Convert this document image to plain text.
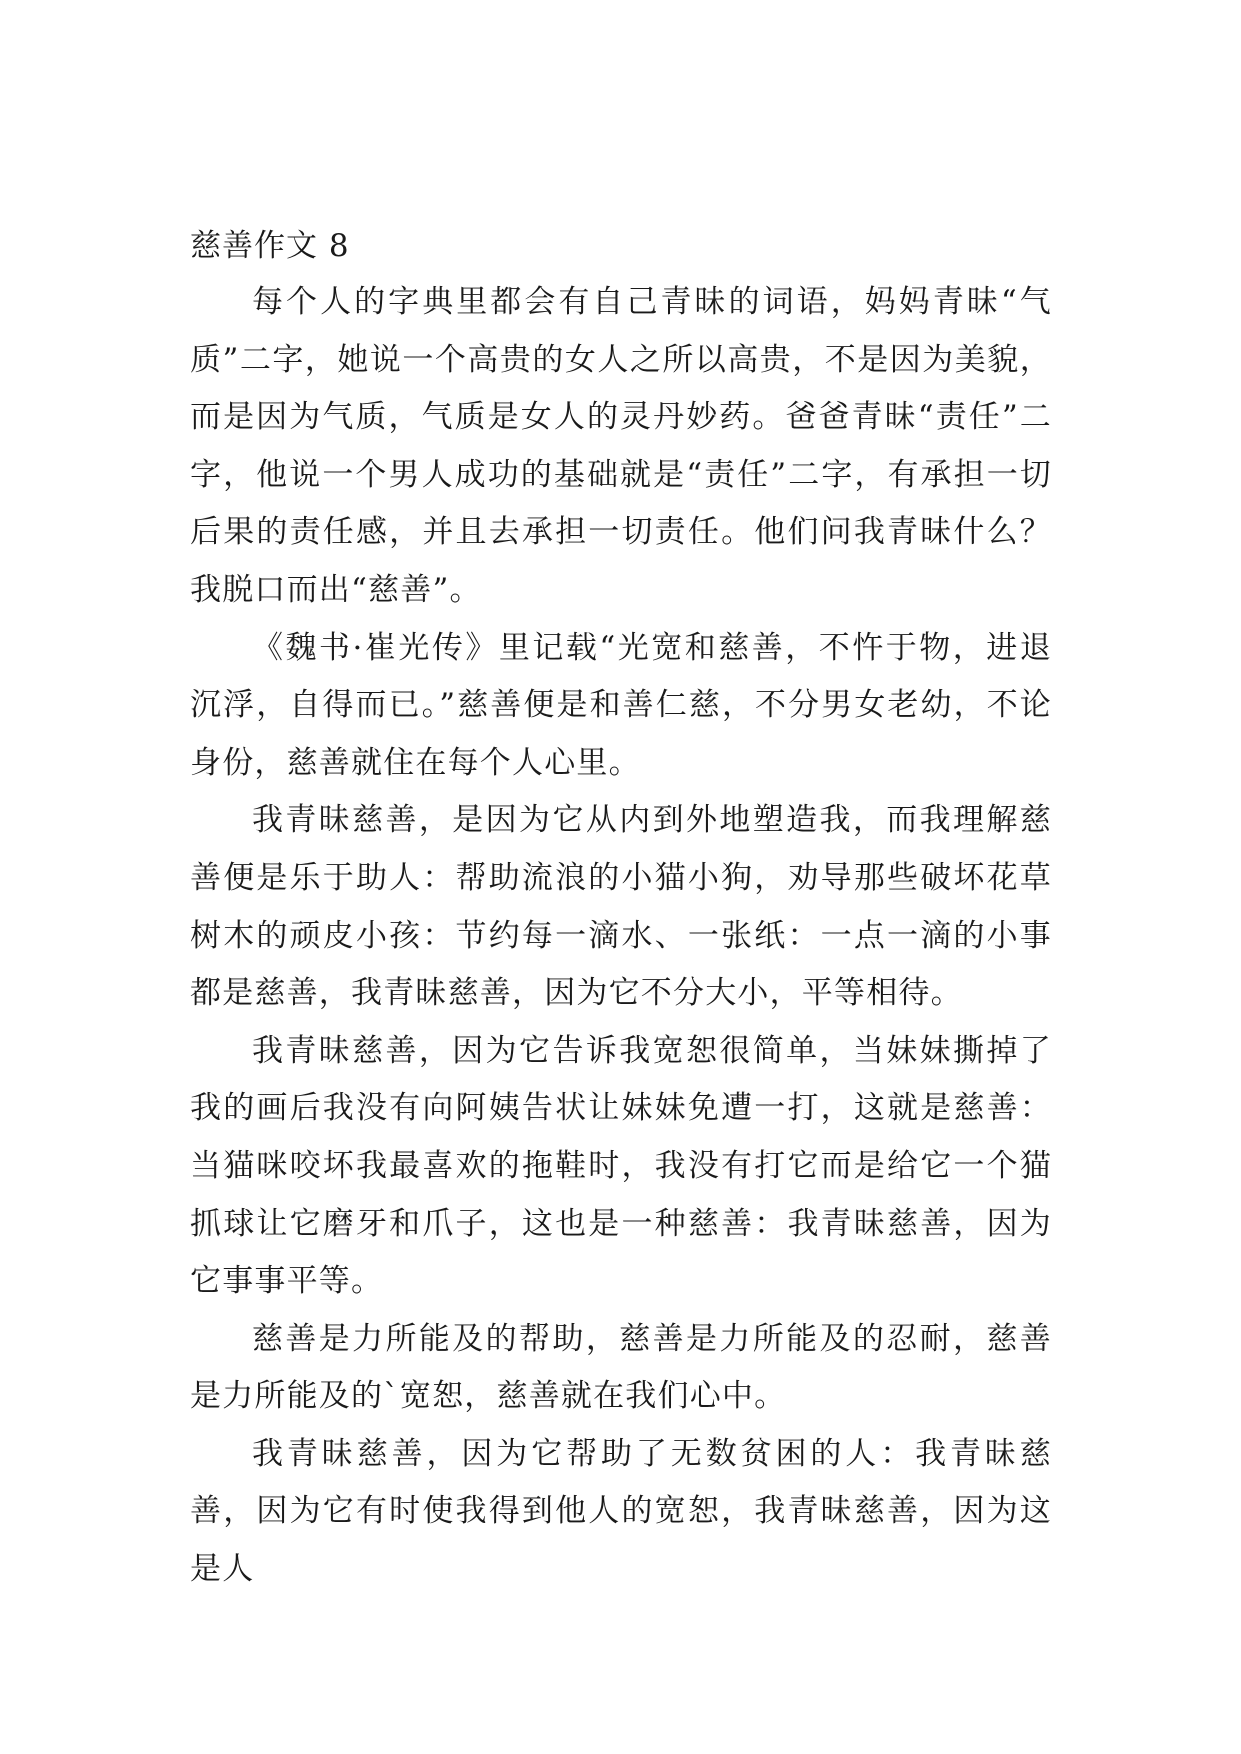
慈善作文 8

每个人的字典里都会有自己青昧的词语，妈妈青昧“气质”二字，她说一个高贵的女人之所以高贵，不是因为美貌，而是因为气质，气质是女人的灵丹妙药。爸爸青昧“责任”二字，他说一个男人成功的基础就是“责任”二字，有承担一切后果的责任感，并且去承担一切责任。他们问我青昧什么？我脱口而出“慈善”。

《魏书·崔光传》里记载“光宽和慈善，不忤于物，进退沉浮，自得而已。”慈善便是和善仁慈，不分男女老幼，不论身份，慈善就住在每个人心里。

我青昧慈善，是因为它从内到外地塑造我，而我理解慈善便是乐于助人：帮助流浪的小猫小狗，劝导那些破坏花草树木的顽皮小孩：节约每一滴水、一张纸：一点一滴的小事都是慈善，我青昧慈善，因为它不分大小，平等相待。

我青昧慈善，因为它告诉我宽恕很简单，当妹妹撕掉了我的画后我没有向阿姨告状让妹妹免遭一打，这就是慈善：当猫咪咬坏我最喜欢的拖鞋时，我没有打它而是给它一个猫抓球让它磨牙和爪子，这也是一种慈善：我青昧慈善，因为它事事平等。

慈善是力所能及的帮助，慈善是力所能及的忍耐，慈善是力所能及的`宽恕，慈善就在我们心中。

我青昧慈善，因为它帮助了无数贫困的人：我青昧慈善，因为它有时使我得到他人的宽恕，我青昧慈善，因为这是人
